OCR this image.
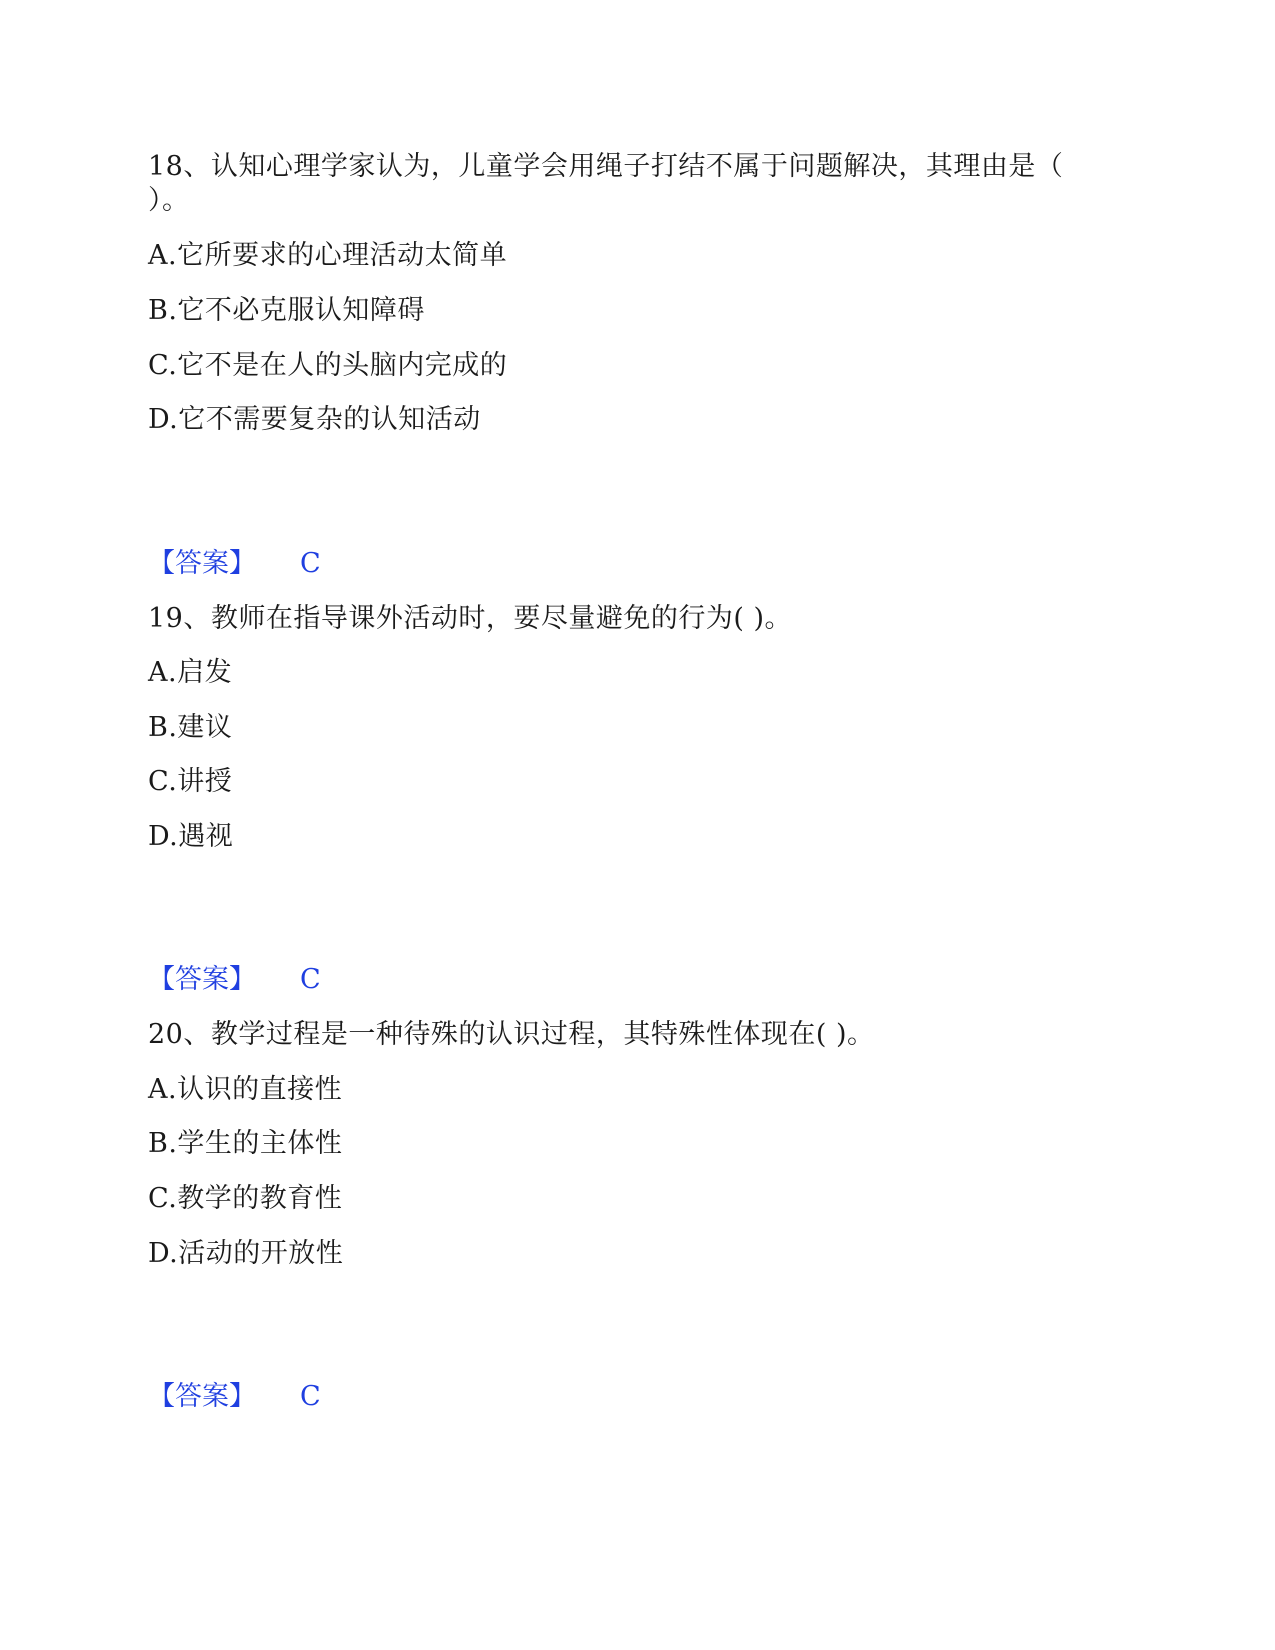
18、认知心理学家认为，儿童学会用绳子打结不属于问题解决，其理由是（
）。
A.它所要求的心理活动太简单
B.它不必克服认知障碍
C.它不是在人的头脑内完成的
D.它不需要复杂的认知活动
【答案】 C
19、教师在指导课外活动时，要尽量避免的行为( )。
A.启发
B.建议
C.讲授
D.遇视
【答案】 C
20、教学过程是一种待殊的认识过程，其特殊性体现在( )。
A.认识的直接性
B.学生的主体性
C.教学的教育性
D.活动的开放性
【答案】 C
